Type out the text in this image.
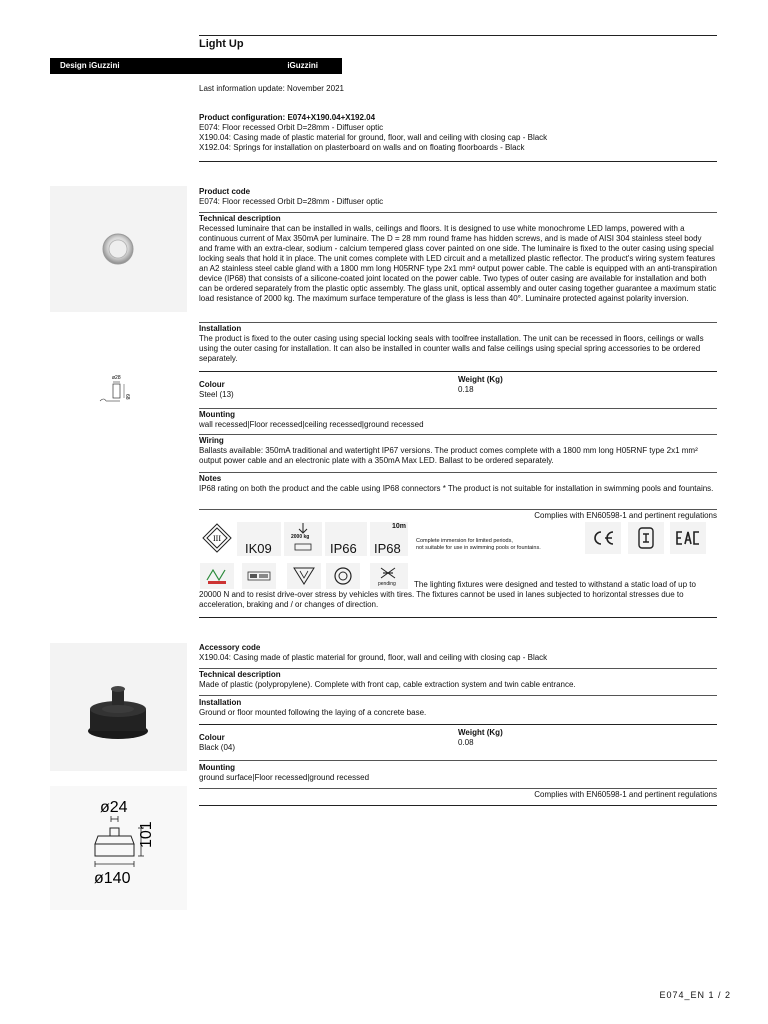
Light Up
Design iGuzzini	iGuzzini
Last information update: November 2021
Product configuration: E074+X190.04+X192.04
E074: Floor recessed Orbit D=28mm - Diffuser optic
X190.04: Casing made of plastic material for ground, floor, wall and ceiling with closing cap - Black
X192.04: Springs for installation on plasterboard on walls and on floating floorboards - Black
ø28
68
Product code
E074: Floor recessed Orbit D=28mm - Diffuser optic
Technical description
Recessed luminaire that can be installed in walls, ceilings and floors. It is designed to use white monochrome LED lamps, powered with a continuous current of Max 350mA per luminaire. The D = 28 mm round frame has hidden screws, and is made of AISI 304 stainless steel body and frame with an extra-clear, sodium - calcium tempered glass cover painted on one side. The luminaire is fixed to the outer casing using special locking seals that hold it in place. The unit comes complete with LED circuit and a metallized plastic reflector. The product's wiring system features an A2 stainless steel cable gland with a 1800 mm long H05RNF type 2x1 mm² output power cable. The cable is equipped with an anti-transpiration device (IP68) that consists of a silicone-coated joint located on the power cable. Two types of outer casing are available for installation and both can be ordered separately from the plastic optic assembly. The glass unit, optical assembly and outer casing together guarantee a maximum static load resistance of 2000 kg. The maximum surface temperature of the glass is less than 40°. Luminaire protected against polarity inversion.
Installation
The product is fixed to the outer casing using special locking seals with toolfree installation. The unit can be recessed in floors, ceilings or walls using the outer casing for installation. It can also be installed in counter walls and false ceilings using special spring accessories to be ordered separately.
Colour
Steel (13)
Weight (Kg)
0.18
Mounting
wall recessed|Floor recessed|ceiling recessed|ground recessed
Wiring
Ballasts available: 350mA traditional and watertight IP67 versions. The product comes complete with a 1800 mm long H05RNF type 2x1 mm² output power cable and an electronic plate with a 350mA Max LED. Ballast to be ordered separately.
Notes
IP68 rating on both the product and the cable using IP68 connectors * The product is not suitable for installation in swimming pools and fountains.
Complies with EN60598-1 and pertinent regulations
III
IK09
2000 kg
IP66
10m
IP68	Complete immersion for limited periods,
not suitable for use in swimming pools or fountains.
pending	The lighting fixtures were designed and tested to withstand a static load of up to 20000 N and to resist drive-over stress by vehicles with tires. The fixtures cannot be used in lanes subjected to horizontal stresses due to acceleration, braking and / or changes of direction.
ø24
101
ø140
Accessory code
X190.04: Casing made of plastic material for ground, floor, wall and ceiling with closing cap - Black
Technical description
Made of plastic (polypropylene). Complete with front cap, cable extraction system and twin cable entrance.
Installation
Ground or floor mounted following the laying of a concrete base.
Colour
Black (04)
Weight (Kg)
0.08
Mounting
ground surface|Floor recessed|ground recessed
Complies with EN60598-1 and pertinent regulations
E074_EN 1 / 2
